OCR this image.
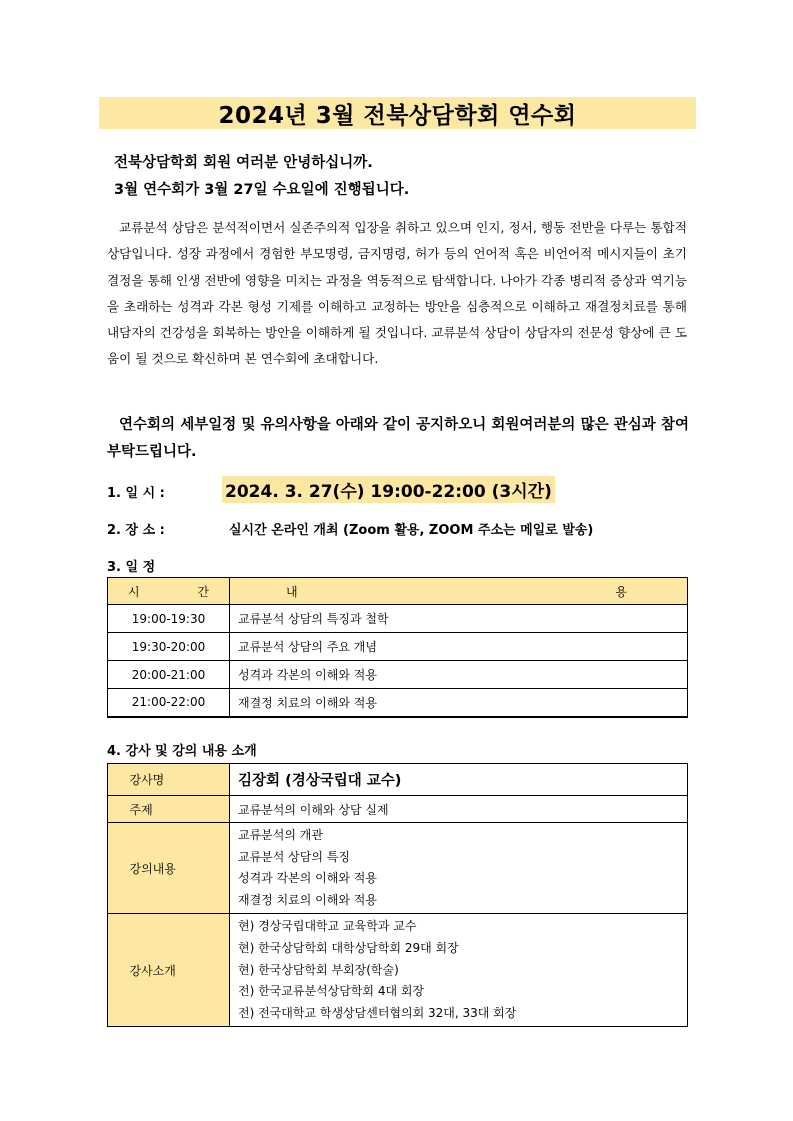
2024년 3월 전북상담학회 연수회
전북상담학회 회원 여러분 안녕하십니까.
3월 연수회가 3월 27일 수요일에 진행됩니다.

교류분석 상담은 분석적이면서 실존주의적 입장을 취하고 있으며 인지, 정서, 행동 전반을 다루는 통합적 상담입니다. 성장 과정에서 경험한 부모명령, 금지명령, 허가 등의 언어적 혹은 비언어적 메시지들이 초기결정을 통해 인생 전반에 영향을 미치는 과정을 역동적으로 탐색합니다. 나아가 각종 병리적 증상과 역기능을 초래하는 성격과 각본 형성 기제를 이해하고 교정하는 방안을 심층적으로 이해하고 재결정치료를 통해 내담자의 건강성을 회복하는 방안을 이해하게 될 것입니다. 교류분석 상담이 상담자의 전문성 향상에 큰 도움이 될 것으로 확신하며 본 연수회에 초대합니다.

연수회의 세부일정 및 유의사항을 아래와 같이 공지하오니 회원여러분의 많은 관심과 참여 부탁드립니다.

1. 일 시 :	2024. 3. 27(수) 19:00-22:00 (3시간)
2. 장 소 :	실시간 온라인 개최 (Zoom 활용, ZOOM 주소는 메일로 발송)
3. 일 정
시 간	내 용
19:00-19:30	교류분석 상담의 특징과 철학
19:30-20:00	교류분석 상담의 주요 개념
20:00-21:00	성격과 각본의 이해와 적용
21:00-22:00	재결정 치료의 이해와 적용
4. 강사 및 강의 내용 소개
강사명	김장회 (경상국립대 교수)
주제	교류분석의 이해와 상담 실제
강의내용	교류분석의 개관
교류분석 상담의 특징
성격과 각본의 이해와 적용
재결정 치료의 이해와 적용

강사소개	현) 경상국립대학교 교육학과 교수
현) 한국상담학회 대학상담학회 29대 회장
현) 한국상담학회 부회장(학술)
전) 한국교류분석상담학회 4대 회장
전) 전국대학교 학생상담센터협의회 32대, 33대 회장
